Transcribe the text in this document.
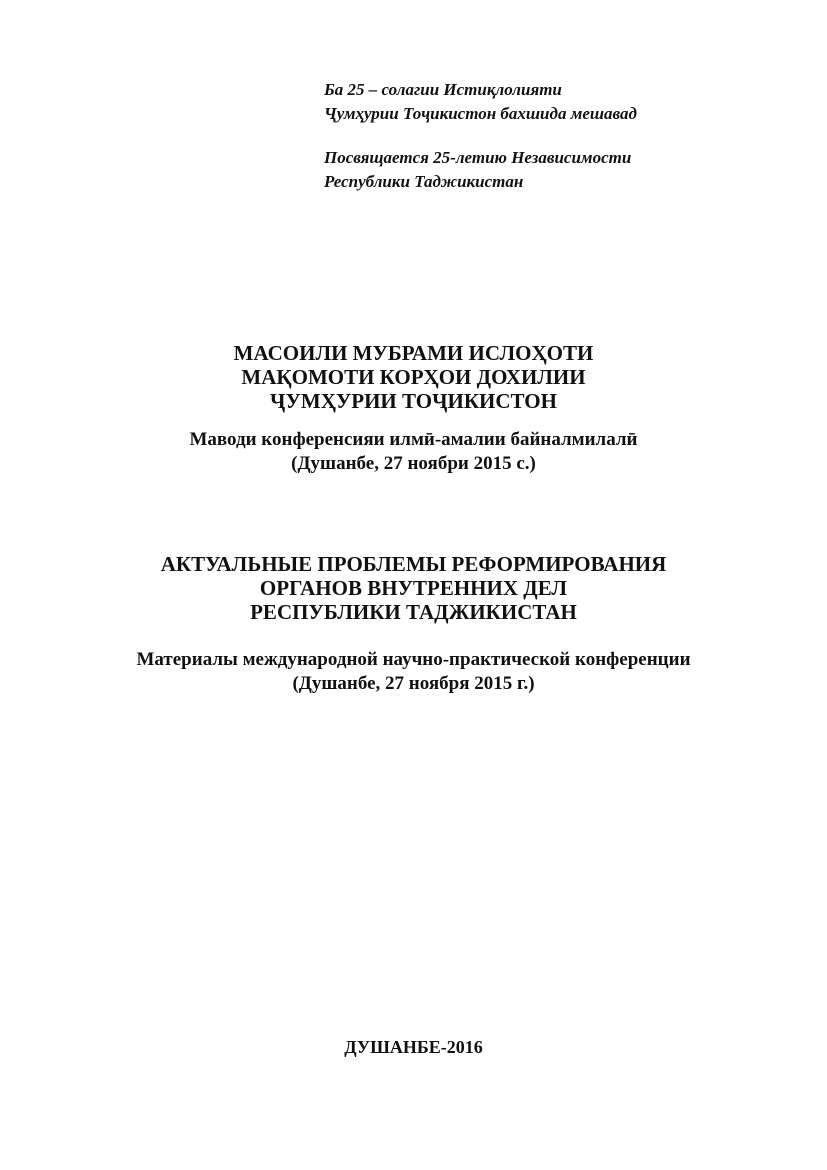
Ба 25 – солагии Истиқлолияти
Ҷумҳурии Тоҷикистон бахшида мешавад
Посвящается 25-летию Независимости
Республики Таджикистан
МАСОИЛИ МУБРАМИ ИСЛОҲОТИ
МАҚОМОТИ КОРҲОИ ДОХИЛИИ
ҶУМҲУРИИ ТОҶИКИСТОН
Маводи конференсияи илмӣ-амалии байналмилалӣ
(Душанбе, 27 ноябри 2015 с.)
АКТУАЛЬНЫЕ ПРОБЛЕМЫ РЕФОРМИРОВАНИЯ
ОРГАНОВ ВНУТРЕННИХ ДЕЛ
РЕСПУБЛИКИ ТАДЖИКИСТАН
Материалы международной научно-практической конференции
(Душанбе, 27 ноября 2015 г.)
ДУШАНБЕ-2016
